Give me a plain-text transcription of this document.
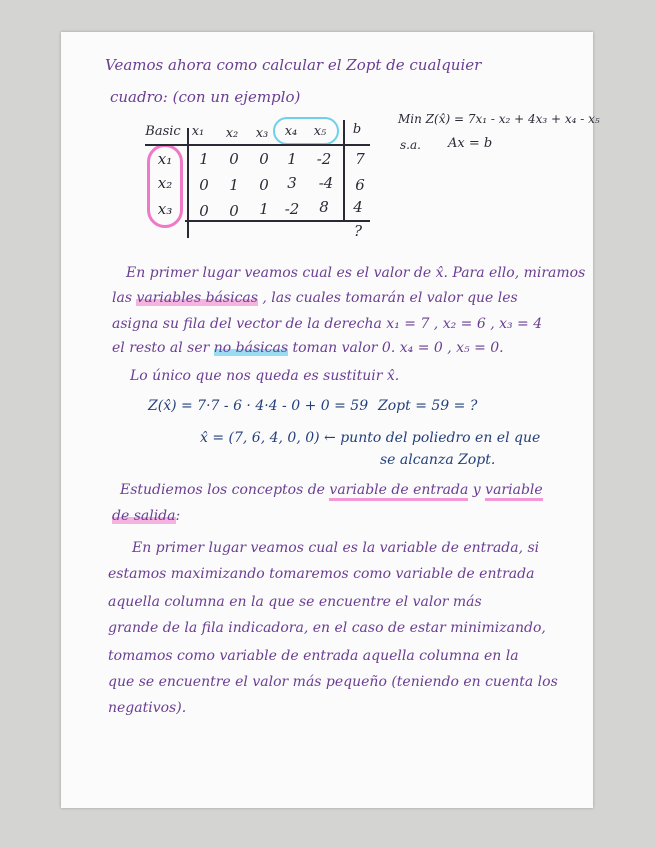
Veamos ahora como calcular el Zopt de cualquier
cuadro: (con un ejemplo)
Min Z(x̂) = 7x₁ - x₂ + 4x₃ + x₄ - x₅
s.a. Ax = b
Basic x₁	x₂	x₃	x₄	x₅	b
x₁	1	0	0	1	-2	7
x₂	0	1	0	3	-4	6
x₃	0	0	1	-2	8	4
?
En primer lugar veamos cual es el valor de x̂. Para ello, miramos
las variables básicas , las cuales tomarán el valor que les
asigna su fila del vector de la derecha x₁ = 7 , x₂ = 6 , x₃ = 4
el resto al ser no básicas toman valor 0. x₄ = 0 , x₅ = 0.
Lo único que nos queda es sustituir x̂.
Z(x̂) = 7·7 - 6 · 4·4 - 0 + 0 = 59 Zopt = 59 = ?
x̂ = (7, 6, 4, 0, 0) ← punto del poliedro en el que
se alcanza Zopt.
Estudiemos los conceptos de variable de entrada y variable
de salida:
En primer lugar veamos cual es la variable de entrada, si
estamos maximizando tomaremos como variable de entrada
aquella columna en la que se encuentre el valor más
grande de la fila indicadora, en el caso de estar minimizando,
tomamos como variable de entrada aquella columna en la
que se encuentre el valor más pequeño (teniendo en cuenta los
negativos).
